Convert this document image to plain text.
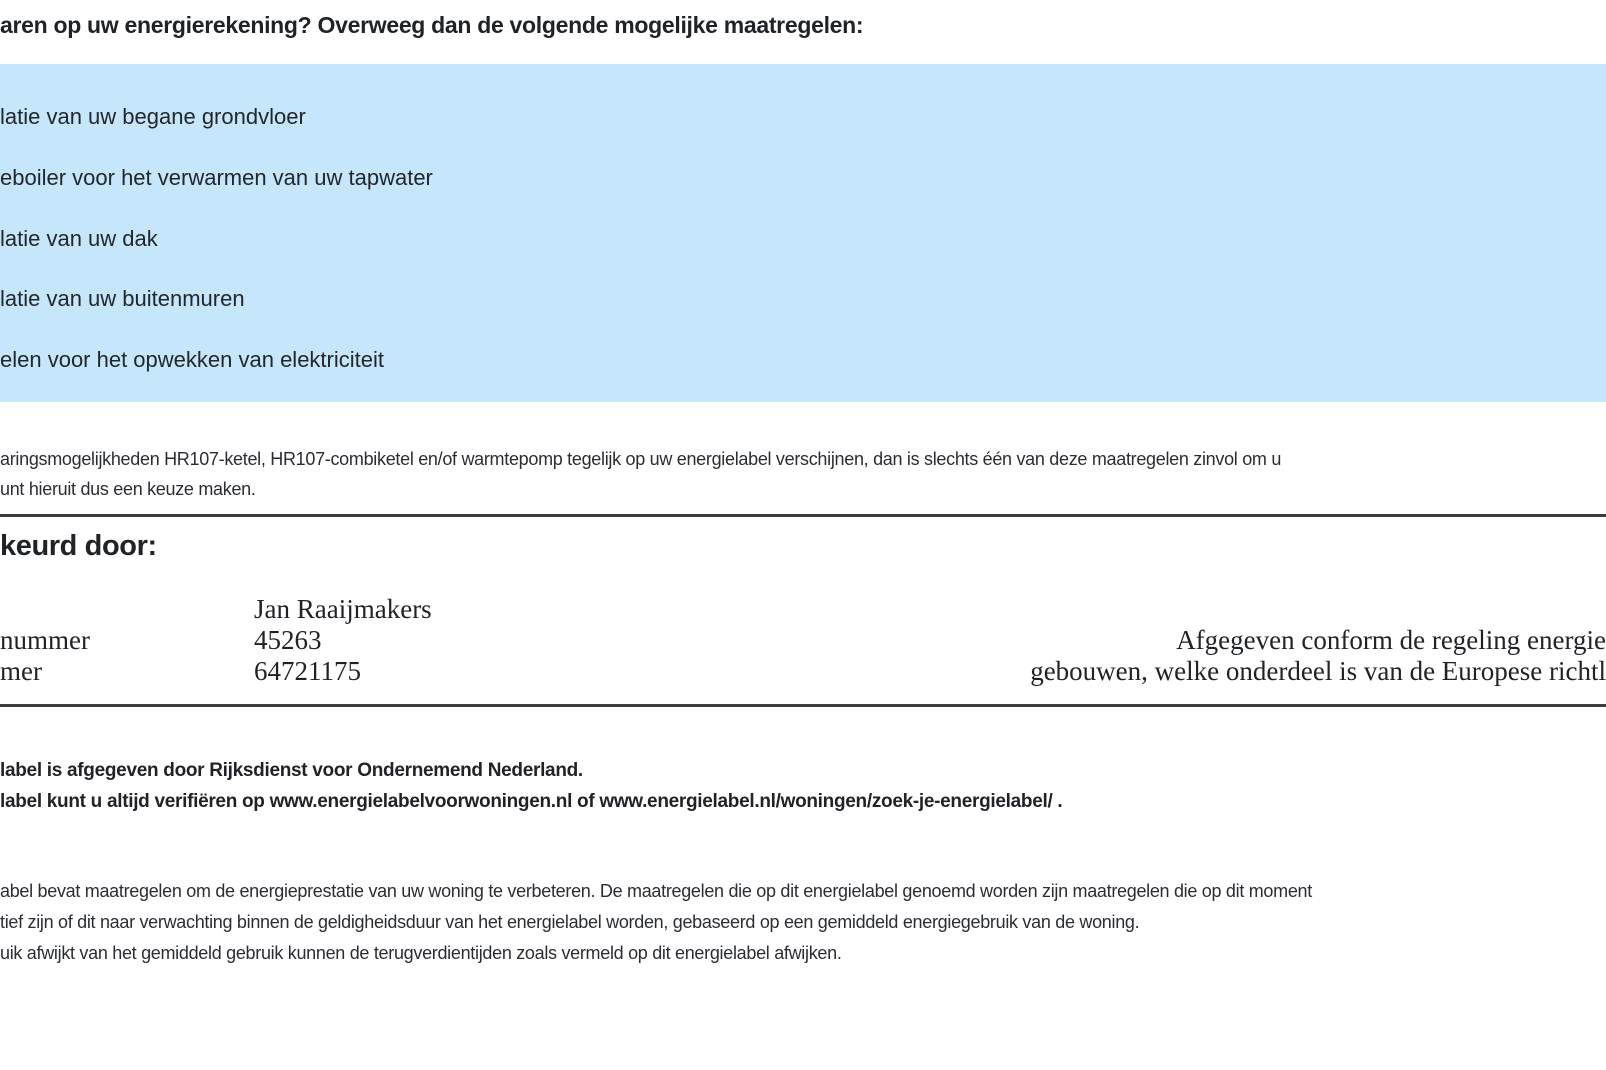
aren op uw energierekening? Overweeg dan de volgende mogelijke maatregelen:
latie van uw begane grondvloer
eboiler voor het verwarmen van uw tapwater
latie van uw dak
latie van uw buitenmuren
elen voor het opwekken van elektriciteit
aringsmogelijkheden HR107-ketel, HR107-combiketel en/of warmtepomp tegelijk op uw energielabel verschijnen, dan is slechts één van deze maatregelen zinvol om u
unt hieruit dus een keuze maken.
keurd door:
Jan Raaijmakers
nummer	45263
mer	64721175
Afgegeven conform de regeling energie
gebouwen, welke onderdeel is van de Europese richtl
label is afgegeven door Rijksdienst voor Ondernemend Nederland.
label kunt u altijd verifiëren op www.energielabelvoorwoningen.nl of www.energielabel.nl/woningen/zoek-je-energielabel/ .
abel bevat maatregelen om de energieprestatie van uw woning te verbeteren. De maatregelen die op dit energielabel genoemd worden zijn maatregelen die op dit moment
tief zijn of dit naar verwachting binnen de geldigheidsduur van het energielabel worden, gebaseerd op een gemiddeld energiegebruik van de woning.
uik afwijkt van het gemiddeld gebruik kunnen de terugverdientijden zoals vermeld op dit energielabel afwijken.
